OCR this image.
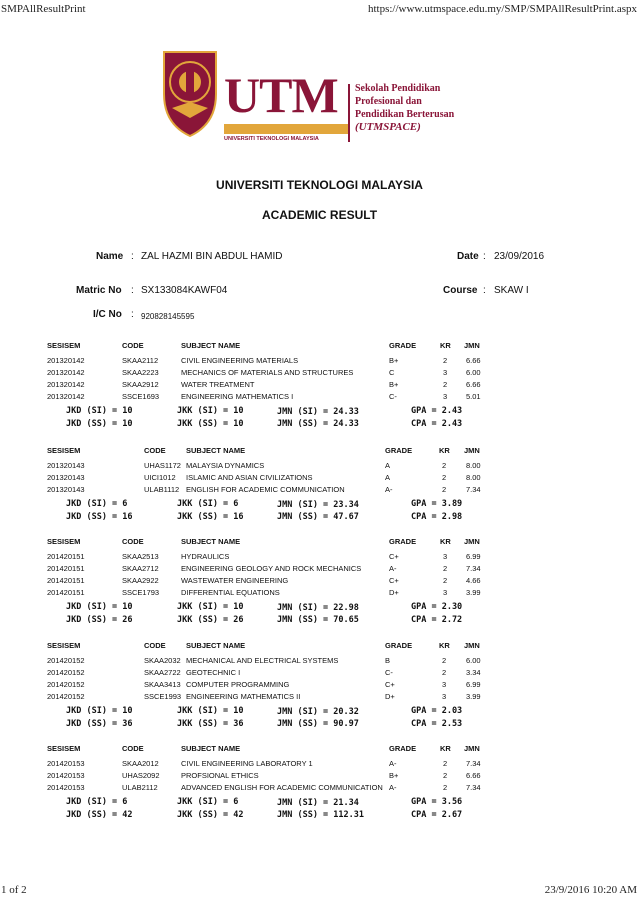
SMPAllResultPrint	https://www.utmspace.edu.my/SMP/SMPAllResultPrint.aspx
1 of 2	23/9/2016 10:20 AM
UTM
UNIVERSITI TEKNOLOGI MALAYSIA
Sekolah Pendidikan
Profesional dan
Pendidikan Berterusan
(UTMSPACE)
UNIVERSITI TEKNOLOGI MALAYSIA
ACADEMIC RESULT
Name : ZAL HAZMI BIN ABDUL HAMID	Date : 23/09/2016
Matric No : SX133084KAWF04	Course : SKAW I
I/C No : 920828145595
SESISEM	CODE	SUBJECT NAME	GRADE	KR JMN
201320142	SKAA2112	CIVIL ENGINEERING MATERIALS	B+	2	6.66
201320142	SKAA2223	MECHANICS OF MATERIALS AND STRUCTURES	C	3	6.00
201320142	SKAA2912	WATER TREATMENT	B+	2	6.66
201320142	SSCE1693	ENGINEERING MATHEMATICS I	C-	3	5.01
JKD (SI) = 10	JKK (SI) = 10	JMN (SI) = 24.33	GPA = 2.43
JKD (SS) = 10	JKK (SS) = 10	JMN (SS) = 24.33	CPA = 2.43
SESISEM	CODE	SUBJECT NAME	GRADE	KR JMN
201320143	UHAS1172 MALAYSIA DYNAMICS	A	2	8.00
201320143	UICI1012 ISLAMIC AND ASIAN CIVILIZATIONS	A	2	8.00
201320143	ULAB1112 ENGLISH FOR ACADEMIC COMMUNICATION	A-	2	7.34
JKD (SI) = 6	JKK (SI) = 6	JMN (SI) = 23.34	GPA = 3.89
JKD (SS) = 16	JKK (SS) = 16	JMN (SS) = 47.67	CPA = 2.98
SESISEM	CODE	SUBJECT NAME	GRADE	KR JMN
201420151	SKAA2513	HYDRAULICS	C+	3	6.99
201420151	SKAA2712	ENGINEERING GEOLOGY AND ROCK MECHANICS	A-	2	7.34
201420151	SKAA2922	WASTEWATER ENGINEERING	C+	2	4.66
201420151	SSCE1793	DIFFERENTIAL EQUATIONS	D+	3	3.99
JKD (SI) = 10	JKK (SI) = 10	JMN (SI) = 22.98	GPA = 2.30
JKD (SS) = 26	JKK (SS) = 26	JMN (SS) = 70.65	CPA = 2.72
SESISEM	CODE	SUBJECT NAME	GRADE	KR JMN
201420152	SKAA2032 MECHANICAL AND ELECTRICAL SYSTEMS	B	2	6.00
201420152	SKAA2722 GEOTECHNIC I	C-	2	3.34
201420152	SKAA3413 COMPUTER PROGRAMMING	C+	3	6.99
201420152	SSCE1993 ENGINEERING MATHEMATICS II	D+	3	3.99
JKD (SI) = 10	JKK (SI) = 10	JMN (SI) = 20.32	GPA = 2.03
JKD (SS) = 36	JKK (SS) = 36	JMN (SS) = 90.97	CPA = 2.53
SESISEM	CODE	SUBJECT NAME	GRADE	KR JMN
201420153	SKAA2012	CIVIL ENGINEERING LABORATORY 1	A-	2	7.34
201420153	UHAS2092	PROFSIONAL ETHICS	B+	2	6.66
201420153	ULAB2112	ADVANCED ENGLISH FOR ACADEMIC COMMUNICATION A-	2	7.34
JKD (SI) = 6	JKK (SI) = 6	JMN (SI) = 21.34	GPA = 3.56
JKD (SS) = 42	JKK (SS) = 42	JMN (SS) = 112.31	CPA = 2.67
